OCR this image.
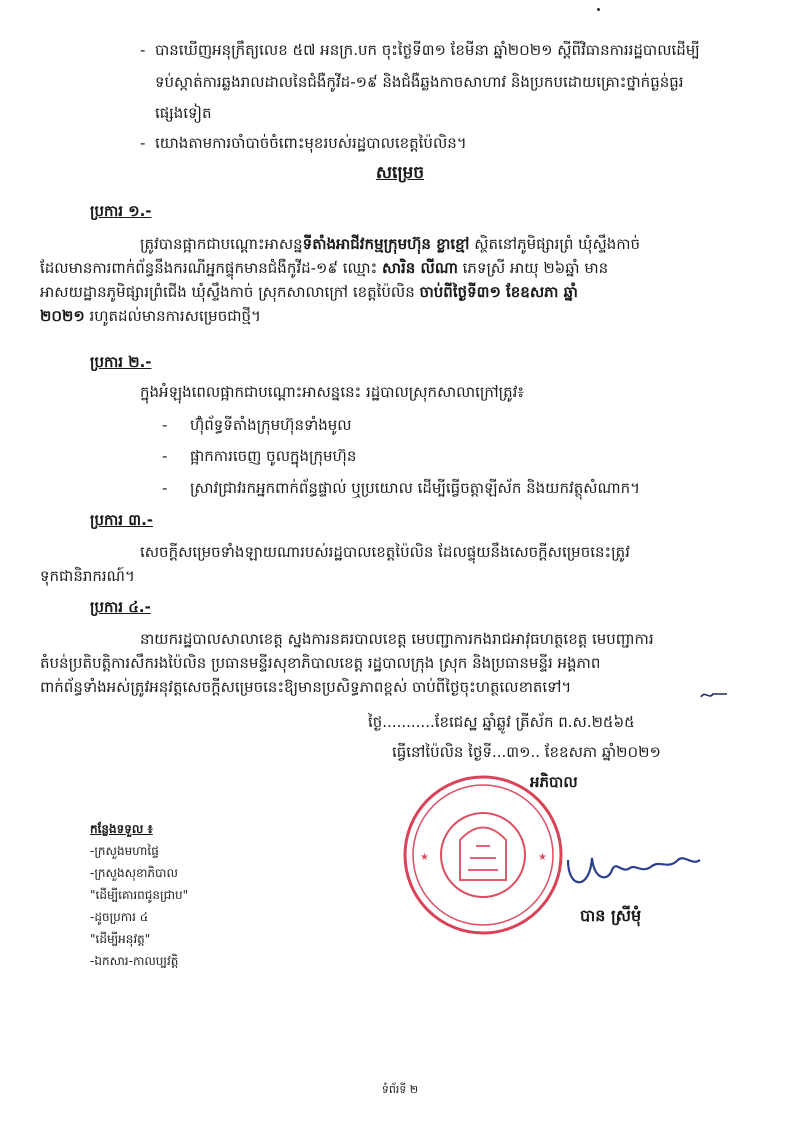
- បានឃើញអនុក្រឹត្យលេខ ៥៧ អនក្រ.បក ចុះថ្ងៃទី៣១ ខែមីនា ឆ្នាំ២០២១ ស្តីពីវិធានការរដ្ឋបាលដើម្បី
ទប់ស្កាត់ការឆ្លងរាលដាលនៃជំងឺកូវីដ-១៩ និងជំងឺឆ្លងកាចសាហាវ និងប្រកបដោយគ្រោះថ្នាក់ធ្ងន់ធ្ងរ
ផ្សេងទៀត
- យោងតាមការចាំបាច់ចំពោះមុខរបស់រដ្ឋបាលខេត្តប៉ៃលិន។
សម្រេច
ប្រការ ១.-
ត្រូវបានផ្អាកជាបណ្តោះអាសន្នទីតាំងអាជីវកម្មក្រុមហ៊ុន ខ្លាខ្មៅ ស្ថិតនៅភូមិផ្សារព្រំ ឃុំស្ទឹងកាច់
ដែលមានការពាក់ព័ន្ធនឹងករណីអ្នកផ្ទុកមានជំងឺកូវីដ-១៩ ឈ្មោះ សារិន លីណា ភេទស្រី អាយុ ២៦ឆ្នាំ មាន
អាសយដ្ឋានភូមិផ្សារព្រំជើង ឃុំស្ទឹងកាច់ ស្រុកសាលាក្រៅ ខេត្តប៉ៃលិន ចាប់ពីថ្ងៃទី៣១ ខែឧសភា ឆ្នាំ
២០២១ រហូតដល់មានការសម្រេចជាថ្មី។
ប្រការ ២.-
ក្នុងអំឡុងពេលផ្អាកជាបណ្តោះអាសន្ននេះ រដ្ឋបាលស្រុកសាលាក្រៅត្រូវ៖
- ហ៊ុំព័ទ្ធទីតាំងក្រុមហ៊ុនទាំងមូល
- ផ្អាកការចេញ ចូលក្នុងក្រុមហ៊ុន
- ស្រាវជ្រាវរកអ្នកពាក់ព័ន្ធផ្ទាល់ ឬប្រយោល ដើម្បីធ្វើចត្តាឡីស័ក និងយកវត្ថុសំណាក។
ប្រការ ៣.-
សេចក្តីសម្រេចទាំងឡាយណារបស់រដ្ឋបាលខេត្តប៉ៃលិន ដែលផ្ទុយនឹងសេចក្តីសម្រេចនេះត្រូវ
ទុកជានិរាករណ៍។
ប្រការ ៤.-
នាយករដ្ឋបាលសាលាខេត្ត ស្នងការនគរបាលខេត្ត មេបញ្ជាការកងរាជអាវុធហត្ថខេត្ត មេបញ្ជាការ
តំបន់ប្រតិបត្តិការសឹករងប៉ៃលិន ប្រធានមន្ទីរសុខាភិបាលខេត្ត រដ្ឋបាលក្រុង ស្រុក និងប្រធានមន្ទីរ អង្គភាព
ពាក់ព័ន្ធទាំងអស់ត្រូវអនុវត្តសេចក្តីសម្រេចនេះឱ្យមានប្រសិទ្ធភាពខ្ពស់ ចាប់ពីថ្ងៃចុះហត្ថលេខាតទៅ។
ថ្ងៃ...........ខែជេស្ឋ ឆ្នាំឆ្លូវ ត្រីស័ក ព.ស.២៥៦៥
ធ្វើនៅប៉ៃលិន ថ្ងៃទី...៣១.. ខែឧសភា ឆ្នាំ២០២១
★	★
អភិបាល
បាន ស្រីមុំ
កន្លែងទទួល ៖
-ក្រសួងមហាផ្ទៃ
-ក្រសួងសុខាភិបាល
"ដើម្បីគោរពជូនជ្រាប"
-ដូចប្រការ ៤
"ដើម្បីអនុវត្ត"
-ឯកសារ-កាលប្បវត្តិ
ទំព័រទី ២
